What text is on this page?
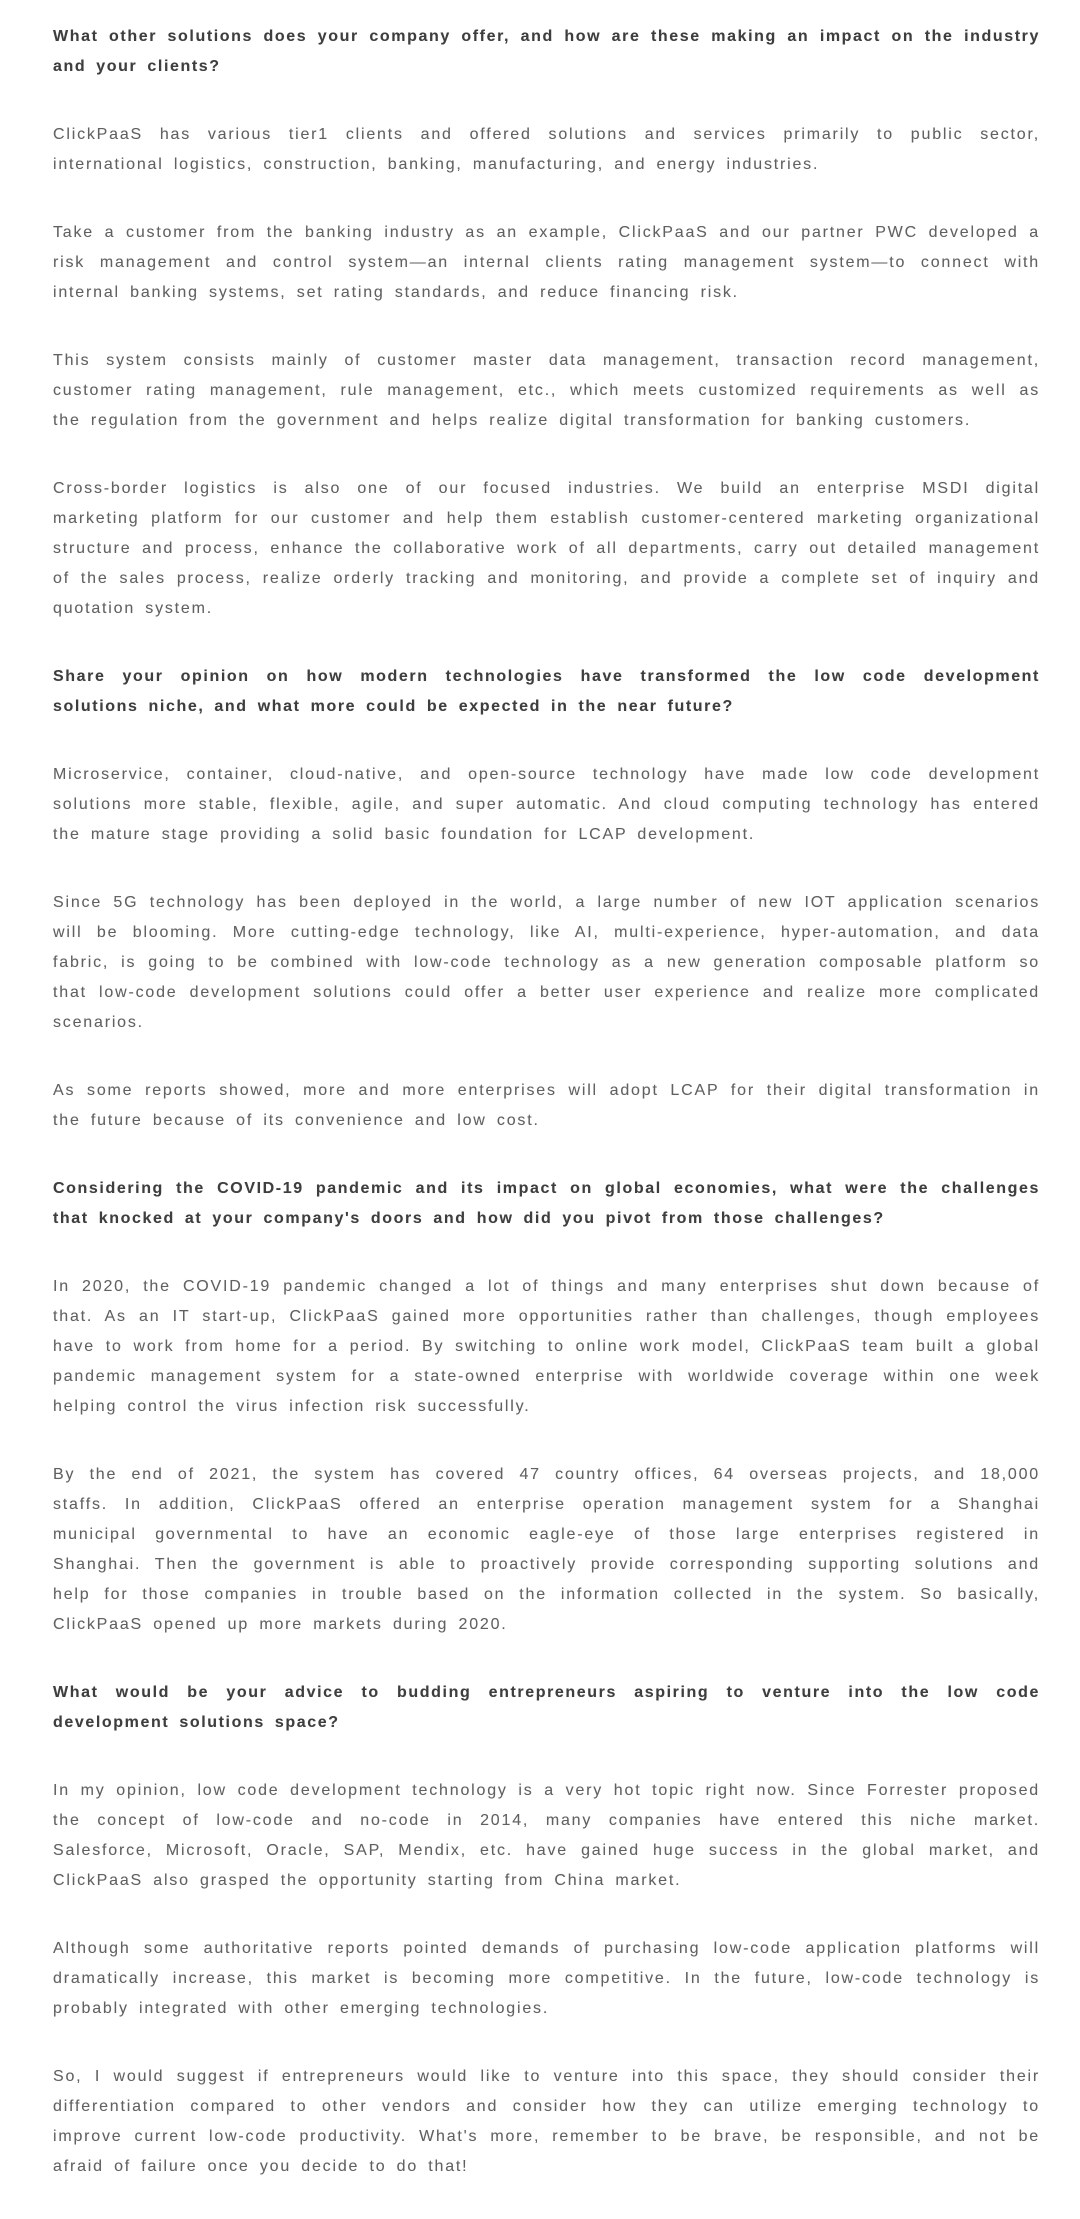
What other solutions does your company offer, and how are these making an impact on the industry and your clients?

ClickPaaS has various tier1 clients and offered solutions and services primarily to public sector, international logistics, construction, banking, manufacturing, and energy industries.

Take a customer from the banking industry as an example, ClickPaaS and our partner PWC developed a risk management and control system—an internal clients rating management system—to connect with internal banking systems, set rating standards, and reduce financing risk.

This system consists mainly of customer master data management, transaction record management, customer rating management, rule management, etc., which meets customized requirements as well as the regulation from the government and helps realize digital transformation for banking customers.

Cross-border logistics is also one of our focused industries. We build an enterprise MSDI digital marketing platform for our customer and help them establish customer-centered marketing organizational structure and process, enhance the collaborative work of all departments, carry out detailed management of the sales process, realize orderly tracking and monitoring, and provide a complete set of inquiry and quotation system.

Share your opinion on how modern technologies have transformed the low code development solutions niche, and what more could be expected in the near future?

Microservice, container, cloud-native, and open-source technology have made low code development solutions more stable, flexible, agile, and super automatic. And cloud computing technology has entered the mature stage providing a solid basic foundation for LCAP development.

Since 5G technology has been deployed in the world, a large number of new IOT application scenarios will be blooming. More cutting-edge technology, like AI, multi-experience, hyper-automation, and data fabric, is going to be combined with low-code technology as a new generation composable platform so that low-code development solutions could offer a better user experience and realize more complicated scenarios.

As some reports showed, more and more enterprises will adopt LCAP for their digital transformation in the future because of its convenience and low cost.

Considering the COVID-19 pandemic and its impact on global economies, what were the challenges that knocked at your company's doors and how did you pivot from those challenges?

In 2020, the COVID-19 pandemic changed a lot of things and many enterprises shut down because of that. As an IT start-up, ClickPaaS gained more opportunities rather than challenges, though employees have to work from home for a period. By switching to online work model, ClickPaaS team built a global pandemic management system for a state-owned enterprise with worldwide coverage within one week helping control the virus infection risk successfully.

By the end of 2021, the system has covered 47 country offices, 64 overseas projects, and 18,000 staffs. In addition, ClickPaaS offered an enterprise operation management system for a Shanghai municipal governmental to have an economic eagle-eye of those large enterprises registered in Shanghai. Then the government is able to proactively provide corresponding supporting solutions and help for those companies in trouble based on the information collected in the system. So basically, ClickPaaS opened up more markets during 2020.

What would be your advice to budding entrepreneurs aspiring to venture into the low code development solutions space?

In my opinion, low code development technology is a very hot topic right now. Since Forrester proposed the concept of low-code and no-code in 2014, many companies have entered this niche market. Salesforce, Microsoft, Oracle, SAP, Mendix, etc. have gained huge success in the global market, and ClickPaaS also grasped the opportunity starting from China market.

Although some authoritative reports pointed demands of purchasing low-code application platforms will dramatically increase, this market is becoming more competitive. In the future, low-code technology is probably integrated with other emerging technologies.

So, I would suggest if entrepreneurs would like to venture into this space, they should consider their differentiation compared to other vendors and consider how they can utilize emerging technology to improve current low-code productivity. What's more, remember to be brave, be responsible, and not be afraid of failure once you decide to do that!
